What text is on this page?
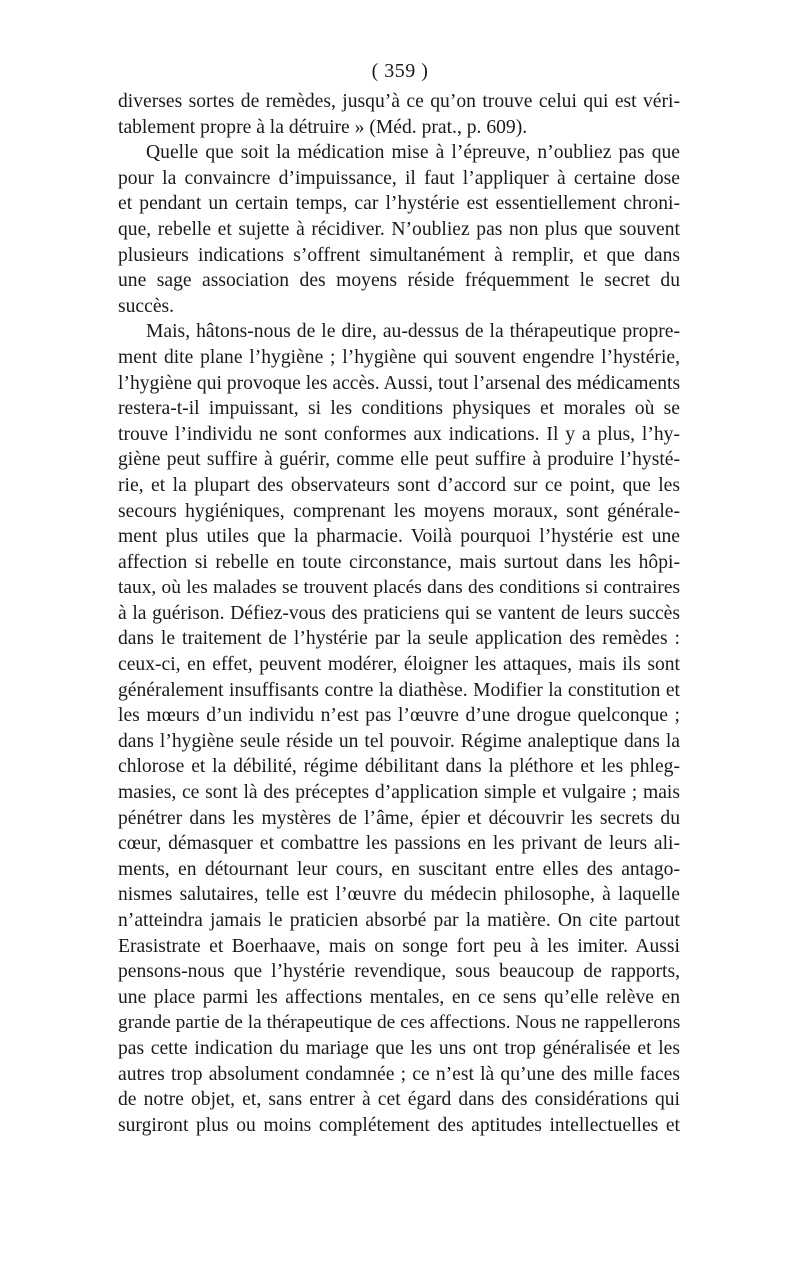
( 359 )
diverses sortes de remèdes, jusqu’à ce qu’on trouve celui qui est véri-
tablement propre à la détruire » (Méd. prat., p. 609).
Quelle que soit la médication mise à l’épreuve, n’oubliez pas que
pour la convaincre d’impuissance, il faut l’appliquer à certaine dose
et pendant un certain temps, car l’hystérie est essentiellement chroni-
que, rebelle et sujette à récidiver. N’oubliez pas non plus que souvent
plusieurs indications s’offrent simultanément à remplir, et que dans
une sage association des moyens réside fréquemment le secret du
succès.
Mais, hâtons-nous de le dire, au-dessus de la thérapeutique propre-
ment dite plane l’hygiène ; l’hygiène qui souvent engendre l’hystérie,
l’hygiène qui provoque les accès. Aussi, tout l’arsenal des médicaments
restera-t-il impuissant, si les conditions physiques et morales où se
trouve l’individu ne sont conformes aux indications. Il y a plus, l’hy-
giène peut suffire à guérir, comme elle peut suffire à produire l’hysté-
rie, et la plupart des observateurs sont d’accord sur ce point, que les
secours hygiéniques, comprenant les moyens moraux, sont générale-
ment plus utiles que la pharmacie. Voilà pourquoi l’hystérie est une
affection si rebelle en toute circonstance, mais surtout dans les hôpi-
taux, où les malades se trouvent placés dans des conditions si contraires
à la guérison. Défiez-vous des praticiens qui se vantent de leurs succès
dans le traitement de l’hystérie par la seule application des remèdes :
ceux-ci, en effet, peuvent modérer, éloigner les attaques, mais ils sont
généralement insuffisants contre la diathèse. Modifier la constitution et
les mœurs d’un individu n’est pas l’œuvre d’une drogue quelconque ;
dans l’hygiène seule réside un tel pouvoir. Régime analeptique dans la
chlorose et la débilité, régime débilitant dans la pléthore et les phleg-
masies, ce sont là des préceptes d’application simple et vulgaire ; mais
pénétrer dans les mystères de l’âme, épier et découvrir les secrets du
cœur, démasquer et combattre les passions en les privant de leurs ali-
ments, en détournant leur cours, en suscitant entre elles des antago-
nismes salutaires, telle est l’œuvre du médecin philosophe, à laquelle
n’atteindra jamais le praticien absorbé par la matière. On cite partout
Erasistrate et Boerhaave, mais on songe fort peu à les imiter. Aussi
pensons-nous que l’hystérie revendique, sous beaucoup de rapports,
une place parmi les affections mentales, en ce sens qu’elle relève en
grande partie de la thérapeutique de ces affections. Nous ne rappellerons
pas cette indication du mariage que les uns ont trop généralisée et les
autres trop absolument condamnée ; ce n’est là qu’une des mille faces
de notre objet, et, sans entrer à cet égard dans des considérations qui
surgiront plus ou moins complétement des aptitudes intellectuelles et
